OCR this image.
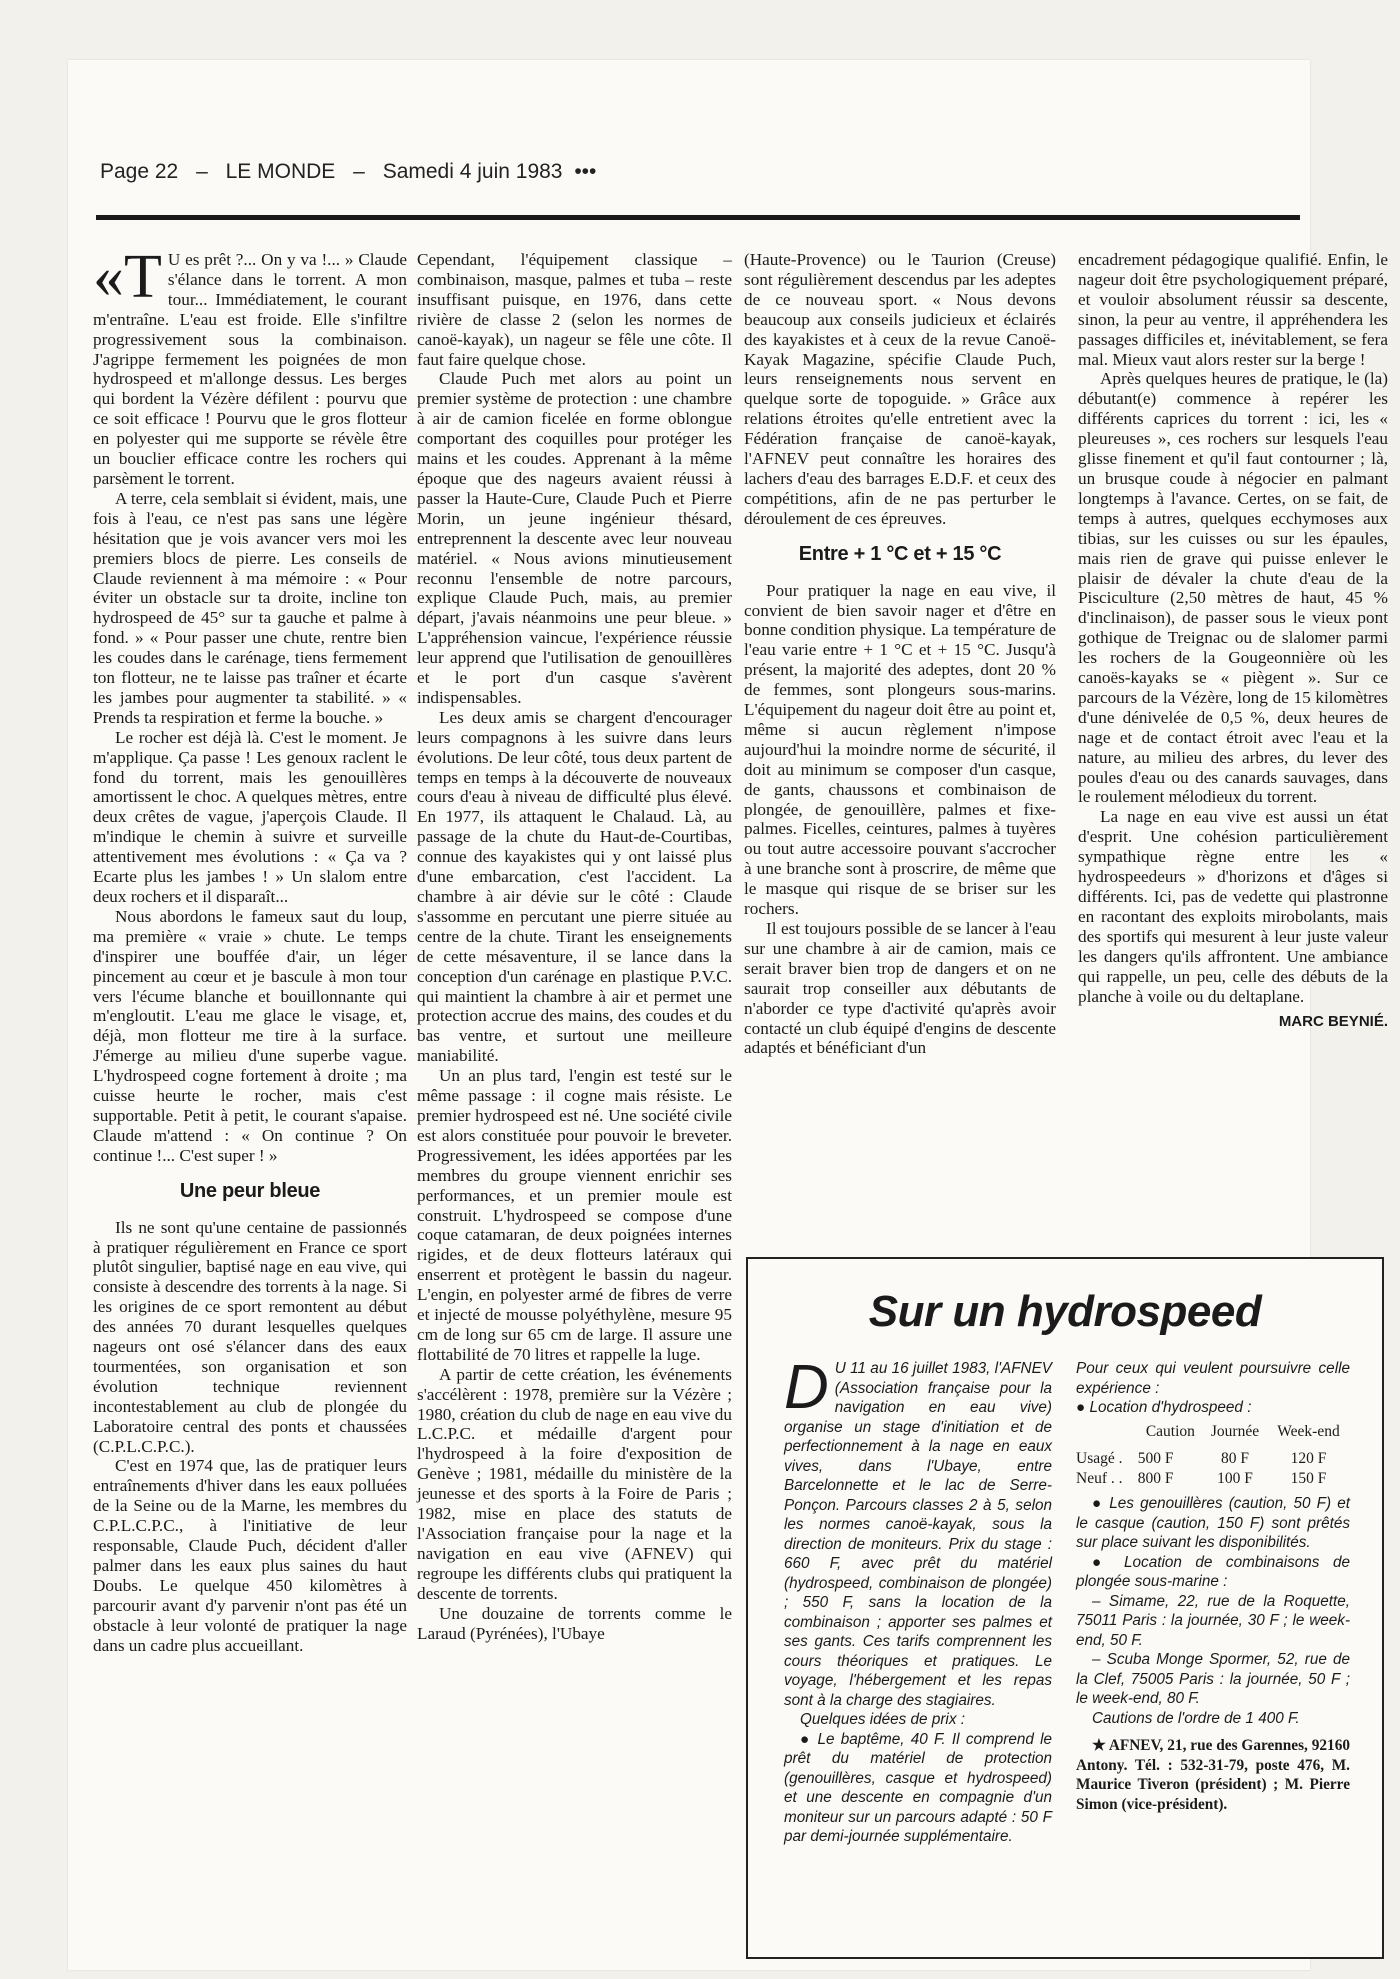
Page 22 – LE MONDE – Samedi 4 juin 1983 •••

«T U es prêt ?... On y va !... » Claude s'élance dans le torrent. A mon tour... Immédiatement, le courant m'entraîne. L'eau est froide. Elle s'infiltre progressivement sous la combinaison. J'agrippe fermement les poignées de mon hydrospeed et m'allonge dessus. Les berges qui bordent la Vézère défilent : pourvu que ce soit efficace ! Pourvu que le gros flotteur en polyester qui me supporte se révèle être un bouclier efficace contre les rochers qui parsèment le torrent.

A terre, cela semblait si évident, mais, une fois à l'eau, ce n'est pas sans une légère hésitation que je vois avancer vers moi les premiers blocs de pierre. Les conseils de Claude reviennent à ma mémoire : « Pour éviter un obstacle sur ta droite, incline ton hydrospeed de 45° sur ta gauche et palme à fond. » « Pour passer une chute, rentre bien les coudes dans le carénage, tiens fermement ton flotteur, ne te laisse pas traîner et écarte les jambes pour augmenter ta stabilité. » « Prends ta respiration et ferme la bouche. »

Le rocher est déjà là. C'est le moment. Je m'applique. Ça passe ! Les genoux raclent le fond du torrent, mais les genouillères amortissent le choc. A quelques mètres, entre deux crêtes de vague, j'aperçois Claude. Il m'indique le chemin à suivre et surveille attentivement mes évolutions : « Ça va ? Ecarte plus les jambes ! » Un slalom entre deux rochers et il disparaît...

Nous abordons le fameux saut du loup, ma première « vraie » chute. Le temps d'inspirer une bouffée d'air, un léger pincement au cœur et je bascule à mon tour vers l'écume blanche et bouillonnante qui m'engloutit. L'eau me glace le visage, et, déjà, mon flotteur me tire à la surface. J'émerge au milieu d'une superbe vague. L'hydrospeed cogne fortement à droite ; ma cuisse heurte le rocher, mais c'est supportable. Petit à petit, le courant s'apaise. Claude m'attend : « On continue ? On continue !... C'est super ! »

Une peur bleue

Ils ne sont qu'une centaine de passionnés à pratiquer régulièrement en France ce sport plutôt singulier, baptisé nage en eau vive, qui consiste à descendre des torrents à la nage. Si les origines de ce sport remontent au début des années 70 durant lesquelles quelques nageurs ont osé s'élancer dans des eaux tourmentées, son organisation et son évolution technique reviennent incontestablement au club de plongée du Laboratoire central des ponts et chaussées (C.P.L.C.P.C.).

C'est en 1974 que, las de pratiquer leurs entraînements d'hiver dans les eaux polluées de la Seine ou de la Marne, les membres du C.P.L.C.P.C., à l'initiative de leur responsable, Claude Puch, décident d'aller palmer dans les eaux plus saines du haut Doubs. Le quelque 450 kilomètres à parcourir avant d'y parvenir n'ont pas été un obstacle à leur volonté de pratiquer la nage dans un cadre plus accueillant.

Cependant, l'équipement classique – combinaison, masque, palmes et tuba – reste insuffisant puisque, en 1976, dans cette rivière de classe 2 (selon les normes de canoë-kayak), un nageur se fêle une côte. Il faut faire quelque chose.

Claude Puch met alors au point un premier système de protection : une chambre à air de camion ficelée en forme oblongue comportant des coquilles pour protéger les mains et les coudes. Apprenant à la même époque que des nageurs avaient réussi à passer la Haute-Cure, Claude Puch et Pierre Morin, un jeune ingénieur thésard, entreprennent la descente avec leur nouveau matériel. « Nous avions minutieusement reconnu l'ensemble de notre parcours, explique Claude Puch, mais, au premier départ, j'avais néanmoins une peur bleue. » L'appréhension vaincue, l'expérience réussie leur apprend que l'utilisation de genouillères et le port d'un casque s'avèrent indispensables.

Les deux amis se chargent d'encourager leurs compagnons à les suivre dans leurs évolutions. De leur côté, tous deux partent de temps en temps à la découverte de nouveaux cours d'eau à niveau de difficulté plus élevé. En 1977, ils attaquent le Chalaud. Là, au passage de la chute du Haut-de-Courtibas, connue des kayakistes qui y ont laissé plus d'une embarcation, c'est l'accident. La chambre à air dévie sur le côté : Claude s'assomme en percutant une pierre située au centre de la chute. Tirant les enseignements de cette mésaventure, il se lance dans la conception d'un carénage en plastique P.V.C. qui maintient la chambre à air et permet une protection accrue des mains, des coudes et du bas ventre, et surtout une meilleure maniabilité.

Un an plus tard, l'engin est testé sur le même passage : il cogne mais résiste. Le premier hydrospeed est né. Une société civile est alors constituée pour pouvoir le breveter. Progressivement, les idées apportées par les membres du groupe viennent enrichir ses performances, et un premier moule est construit. L'hydrospeed se compose d'une coque catamaran, de deux poignées internes rigides, et de deux flotteurs latéraux qui enserrent et protègent le bassin du nageur. L'engin, en polyester armé de fibres de verre et injecté de mousse polyéthylène, mesure 95 cm de long sur 65 cm de large. Il assure une flottabilité de 70 litres et rappelle la luge.

A partir de cette création, les événements s'accélèrent : 1978, première sur la Vézère ; 1980, création du club de nage en eau vive du L.C.P.C. et médaille d'argent pour l'hydrospeed à la foire d'exposition de Genève ; 1981, médaille du ministère de la jeunesse et des sports à la Foire de Paris ; 1982, mise en place des statuts de l'Association française pour la nage et la navigation en eau vive (AFNEV) qui regroupe les différents clubs qui pratiquent la descente de torrents.

Une douzaine de torrents comme le Laraud (Pyrénées), l'Ubaye

(Haute-Provence) ou le Taurion (Creuse) sont régulièrement descendus par les adeptes de ce nouveau sport. « Nous devons beaucoup aux conseils judicieux et éclairés des kayakistes et à ceux de la revue Canoë-Kayak Magazine, spécifie Claude Puch, leurs renseignements nous servent en quelque sorte de topoguide. » Grâce aux relations étroites qu'elle entretient avec la Fédération française de canoë-kayak, l'AFNEV peut connaître les horaires des lachers d'eau des barrages E.D.F. et ceux des compétitions, afin de ne pas perturber le déroulement de ces épreuves.

Entre + 1 °C et + 15 °C

Pour pratiquer la nage en eau vive, il convient de bien savoir nager et d'être en bonne condition physique. La température de l'eau varie entre + 1 °C et + 15 °C. Jusqu'à présent, la majorité des adeptes, dont 20 % de femmes, sont plongeurs sous-marins. L'équipement du nageur doit être au point et, même si aucun règlement n'impose aujourd'hui la moindre norme de sécurité, il doit au minimum se composer d'un casque, de gants, chaussons et combinaison de plongée, de genouillère, palmes et fixe-palmes. Ficelles, ceintures, palmes à tuyères ou tout autre accessoire pouvant s'accrocher à une branche sont à proscrire, de même que le masque qui risque de se briser sur les rochers.

Il est toujours possible de se lancer à l'eau sur une chambre à air de camion, mais ce serait braver bien trop de dangers et on ne saurait trop conseiller aux débutants de n'aborder ce type d'activité qu'après avoir contacté un club équipé d'engins de descente adaptés et bénéficiant d'un

encadrement pédagogique qualifié. Enfin, le nageur doit être psychologiquement préparé, et vouloir absolument réussir sa descente, sinon, la peur au ventre, il appréhendera les passages difficiles et, inévitablement, se fera mal. Mieux vaut alors rester sur la berge !

Après quelques heures de pratique, le (la) débutant(e) commence à repérer les différents caprices du torrent : ici, les « pleureuses », ces rochers sur lesquels l'eau glisse finement et qu'il faut contourner ; là, un brusque coude à négocier en palmant longtemps à l'avance. Certes, on se fait, de temps à autres, quelques ecchymoses aux tibias, sur les cuisses ou sur les épaules, mais rien de grave qui puisse enlever le plaisir de dévaler la chute d'eau de la Pisciculture (2,50 mètres de haut, 45 % d'inclinaison), de passer sous le vieux pont gothique de Treignac ou de slalomer parmi les rochers de la Gougeonnière où les canoës-kayaks se « piègent ». Sur ce parcours de la Vézère, long de 15 kilomètres d'une dénivelée de 0,5 %, deux heures de nage et de contact étroit avec l'eau et la nature, au milieu des arbres, du lever des poules d'eau ou des canards sauvages, dans le roulement mélodieux du torrent.

La nage en eau vive est aussi un état d'esprit. Une cohésion particulièrement sympathique règne entre les « hydrospeedeurs » d'horizons et d'âges si différents. Ici, pas de vedette qui plastronne en racontant des exploits mirobolants, mais des sportifs qui mesurent à leur juste valeur les dangers qu'ils affrontent. Une ambiance qui rappelle, un peu, celle des débuts de la planche à voile ou du deltaplane.

MARC BEYNIÉ.
Sur un hydrospeed

D U 11 au 16 juillet 1983, l'AFNEV (Association française pour la navigation en eau vive) organise un stage d'initiation et de perfectionnement à la nage en eaux vives, dans l'Ubaye, entre Barcelonnette et le lac de Serre-Ponçon. Parcours classes 2 à 5, selon les normes canoë-kayak, sous la direction de moniteurs. Prix du stage : 660 F, avec prêt du matériel (hydrospeed, combinaison de plongée) ; 550 F, sans la location de la combinaison ; apporter ses palmes et ses gants. Ces tarifs comprennent les cours théoriques et pratiques. Le voyage, l'hébergement et les repas sont à la charge des stagiaires.

Quelques idées de prix :

● Le baptême, 40 F. Il comprend le prêt du matériel de protection (genouillères, casque et hydrospeed) et une descente en compagnie d'un moniteur sur un parcours adapté : 50 F par demi-journée supplémentaire.

Pour ceux qui veulent poursuivre celle expérience :

● Location d'hydrospeed :

	Caution	Journée	Week-end
Usagé .	500 F	80 F	120 F
Neuf . .	800 F	100 F	150 F

● Les genouillères (caution, 50 F) et le casque (caution, 150 F) sont prêtés sur place suivant les disponibilités.

● Location de combinaisons de plongée sous-marine :

– Simame, 22, rue de la Roquette, 75011 Paris : la journée, 30 F ; le week-end, 50 F.

– Scuba Monge Spormer, 52, rue de la Clef, 75005 Paris : la journée, 50 F ; le week-end, 80 F.

Cautions de l'ordre de 1 400 F.

★ AFNEV, 21, rue des Garennes, 92160 Antony. Tél. : 532-31-79, poste 476, M. Maurice Tiveron (président) ; M. Pierre Simon (vice-président).
